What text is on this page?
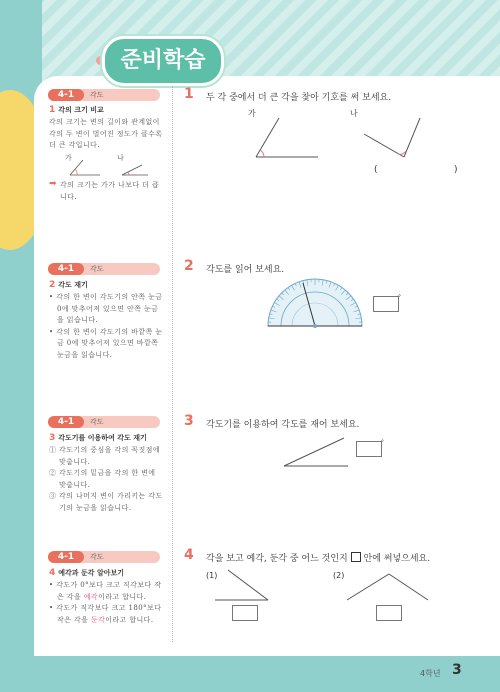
준비학습
4-1	각도
1 각의 크기 비교
각의 크기는 변의 길이와 관계없이 각의 두 변이 벌어진 정도가 클수록 더 큰 각입니다.
가	나
각의 크기는 가가 나보다 더 큽니다.
➡
4-1	각도
2 각도 재기
• 각의 한 변이 각도기의 안쪽 눈금 0에 맞추어져 있으면 안쪽 눈금을 읽습니다.
• 각의 한 변이 각도기의 바깥쪽 눈금 0에 맞추어져 있으면 바깥쪽 눈금을 읽습니다.
4-1	각도
3 각도기를 이용하여 각도 재기
① 각도기의 중심을 각의 꼭짓점에 맞춥니다.
② 각도기의 밑금을 각의 한 변에 맞춥니다.
③ 각의 나머지 변이 가리키는 각도기의 눈금을 읽습니다.
4-1	각도
4 예각과 둔각 알아보기
• 각도가 0°보다 크고 직각보다 작은 각을 예각이라고 합니다.
• 각도가 직각보다 크고 180°보다 작은 각을 둔각이라고 합니다.
1 두 각 중에서 더 큰 각을 찾아 기호를 써 보세요.
가	나
(	)
2 각도를 읽어 보세요.
°
3 각도기를 이용하여 각도를 재어 보세요.
°
4 각을 보고 예각, 둔각 중 어느 것인지 안에 써넣으세요.
(1)	(2)
4학년 3
